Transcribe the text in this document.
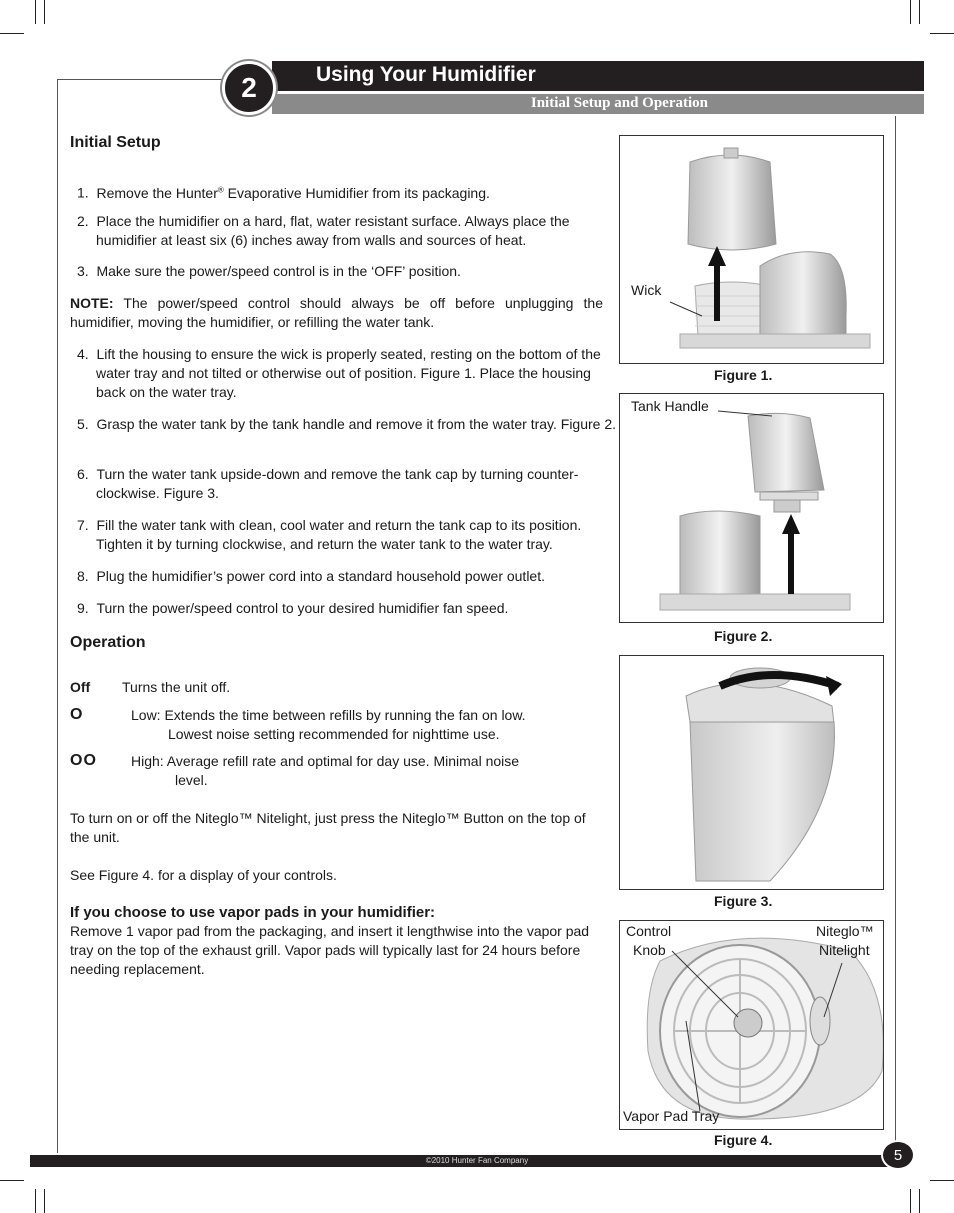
Using Your Humidifier
Initial Setup and Operation
2
Initial Setup
1. Remove the Hunter® Evaporative Humidifier from its packaging.
2. Place the humidifier on a hard, flat, water resistant surface. Always place the humidifier at least six (6) inches away from walls and sources of heat.
3. Make sure the power/speed control is in the ‘OFF’ position.
NOTE: The power/speed control should always be off before unplugging the humidifier, moving the humidifier, or refilling the water tank.
4. Lift the housing to ensure the wick is properly seated, resting on the bottom of the water tray and not tilted or otherwise out of position. Figure 1. Place the housing back on the water tray.
5. Grasp the water tank by the tank handle and remove it from the water tray. Figure 2.
6. Turn the water tank upside-down and remove the tank cap by turning counter-clockwise. Figure 3.
7. Fill the water tank with clean, cool water and return the tank cap to its position. Tighten it by turning clockwise, and return the water tank to the water tray.
8. Plug the humidifier’s power cord into a standard household power outlet.
9. Turn the power/speed control to your desired humidifier fan speed.
Operation
Off Turns the unit off.
O	Low: Extends the time between refills by running the fan on low.
Lowest noise setting recommended for nighttime use.
OO High: Average refill rate and optimal for day use. Minimal noise
level.
To turn on or off the Niteglo™ Nitelight, just press the Niteglo™ Button on the top of the unit.
See Figure 4. for a display of your controls.
If you choose to use vapor pads in your humidifier:
Remove 1 vapor pad from the packaging, and insert it lengthwise into the vapor pad tray on the top of the exhaust grill. Vapor pads will typically last for 24 hours before needing replacement.
Wick
Figure 1.
Tank Handle
Figure 2.
Figure 3.
Control
Knob
Niteglo™
Nitelight
Vapor Pad Tray
Figure 4.
©2010 Hunter Fan Company	5
